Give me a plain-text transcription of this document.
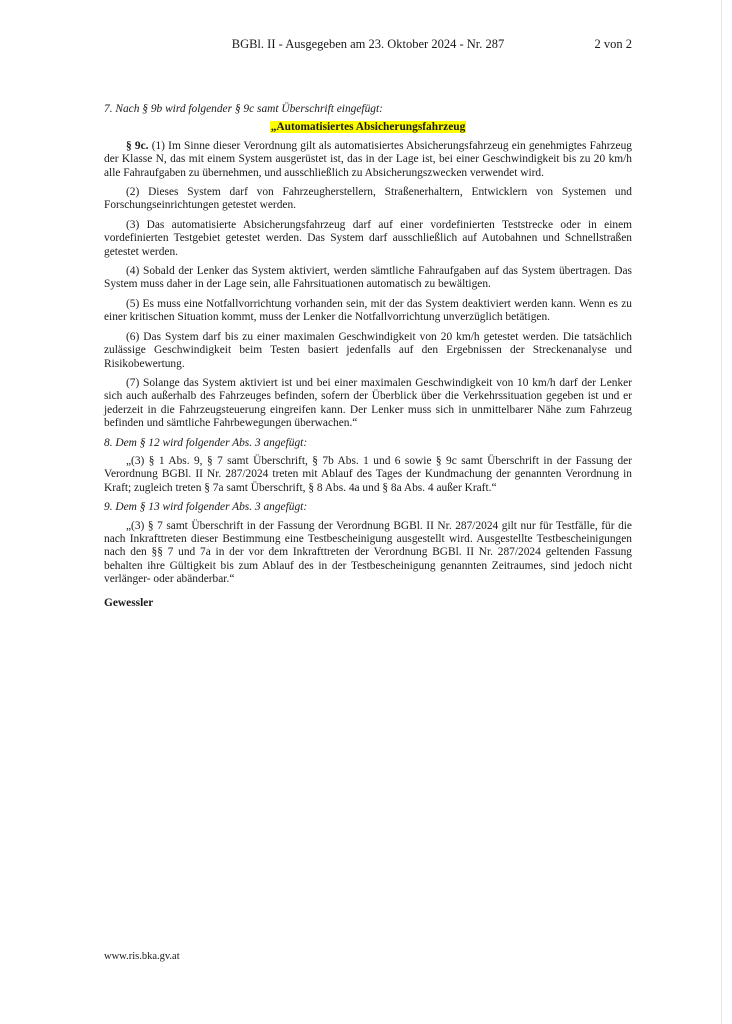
BGBl. II - Ausgegeben am 23. Oktober 2024 - Nr. 287	2 von 2

7. Nach § 9b wird folgender § 9c samt Überschrift eingefügt:

„Automatisiertes Absicherungsfahrzeug

§ 9c. (1) Im Sinne dieser Verordnung gilt als automatisiertes Absicherungsfahrzeug ein genehmigtes Fahrzeug der Klasse N, das mit einem System ausgerüstet ist, das in der Lage ist, bei einer Geschwindigkeit bis zu 20 km/h alle Fahraufgaben zu übernehmen, und ausschließlich zu Absicherungszwecken verwendet wird.

(2) Dieses System darf von Fahrzeugherstellern, Straßenerhaltern, Entwicklern von Systemen und Forschungseinrichtungen getestet werden.

(3) Das automatisierte Absicherungsfahrzeug darf auf einer vordefinierten Teststrecke oder in einem vordefinierten Testgebiet getestet werden. Das System darf ausschließlich auf Autobahnen und Schnellstraßen getestet werden.

(4) Sobald der Lenker das System aktiviert, werden sämtliche Fahraufgaben auf das System übertragen. Das System muss daher in der Lage sein, alle Fahrsituationen automatisch zu bewältigen.

(5) Es muss eine Notfallvorrichtung vorhanden sein, mit der das System deaktiviert werden kann. Wenn es zu einer kritischen Situation kommt, muss der Lenker die Notfallvorrichtung unverzüglich betätigen.

(6) Das System darf bis zu einer maximalen Geschwindigkeit von 20 km/h getestet werden. Die tatsächlich zulässige Geschwindigkeit beim Testen basiert jedenfalls auf den Ergebnissen der Streckenanalyse und Risikobewertung.

(7) Solange das System aktiviert ist und bei einer maximalen Geschwindigkeit von 10 km/h darf der Lenker sich auch außerhalb des Fahrzeuges befinden, sofern der Überblick über die Verkehrssituation gegeben ist und er jederzeit in die Fahrzeugsteuerung eingreifen kann. Der Lenker muss sich in unmittelbarer Nähe zum Fahrzeug befinden und sämtliche Fahrbewegungen überwachen.“

8. Dem § 12 wird folgender Abs. 3 angefügt:

„(3) § 1 Abs. 9, § 7 samt Überschrift, § 7b Abs. 1 und 6 sowie § 9c samt Überschrift in der Fassung der Verordnung BGBl. II Nr. 287/2024 treten mit Ablauf des Tages der Kundmachung der genannten Verordnung in Kraft; zugleich treten § 7a samt Überschrift, § 8 Abs. 4a und § 8a Abs. 4 außer Kraft.“

9. Dem § 13 wird folgender Abs. 3 angefügt:

„(3) § 7 samt Überschrift in der Fassung der Verordnung BGBl. II Nr. 287/2024 gilt nur für Testfälle, für die nach Inkrafttreten dieser Bestimmung eine Testbescheinigung ausgestellt wird. Ausgestellte Testbescheinigungen nach den §§ 7 und 7a in der vor dem Inkrafttreten der Verordnung BGBl. II Nr. 287/2024 geltenden Fassung behalten ihre Gültigkeit bis zum Ablauf des in der Testbescheinigung genannten Zeitraumes, sind jedoch nicht verlänger- oder abänderbar.“

Gewessler

www.ris.bka.gv.at
